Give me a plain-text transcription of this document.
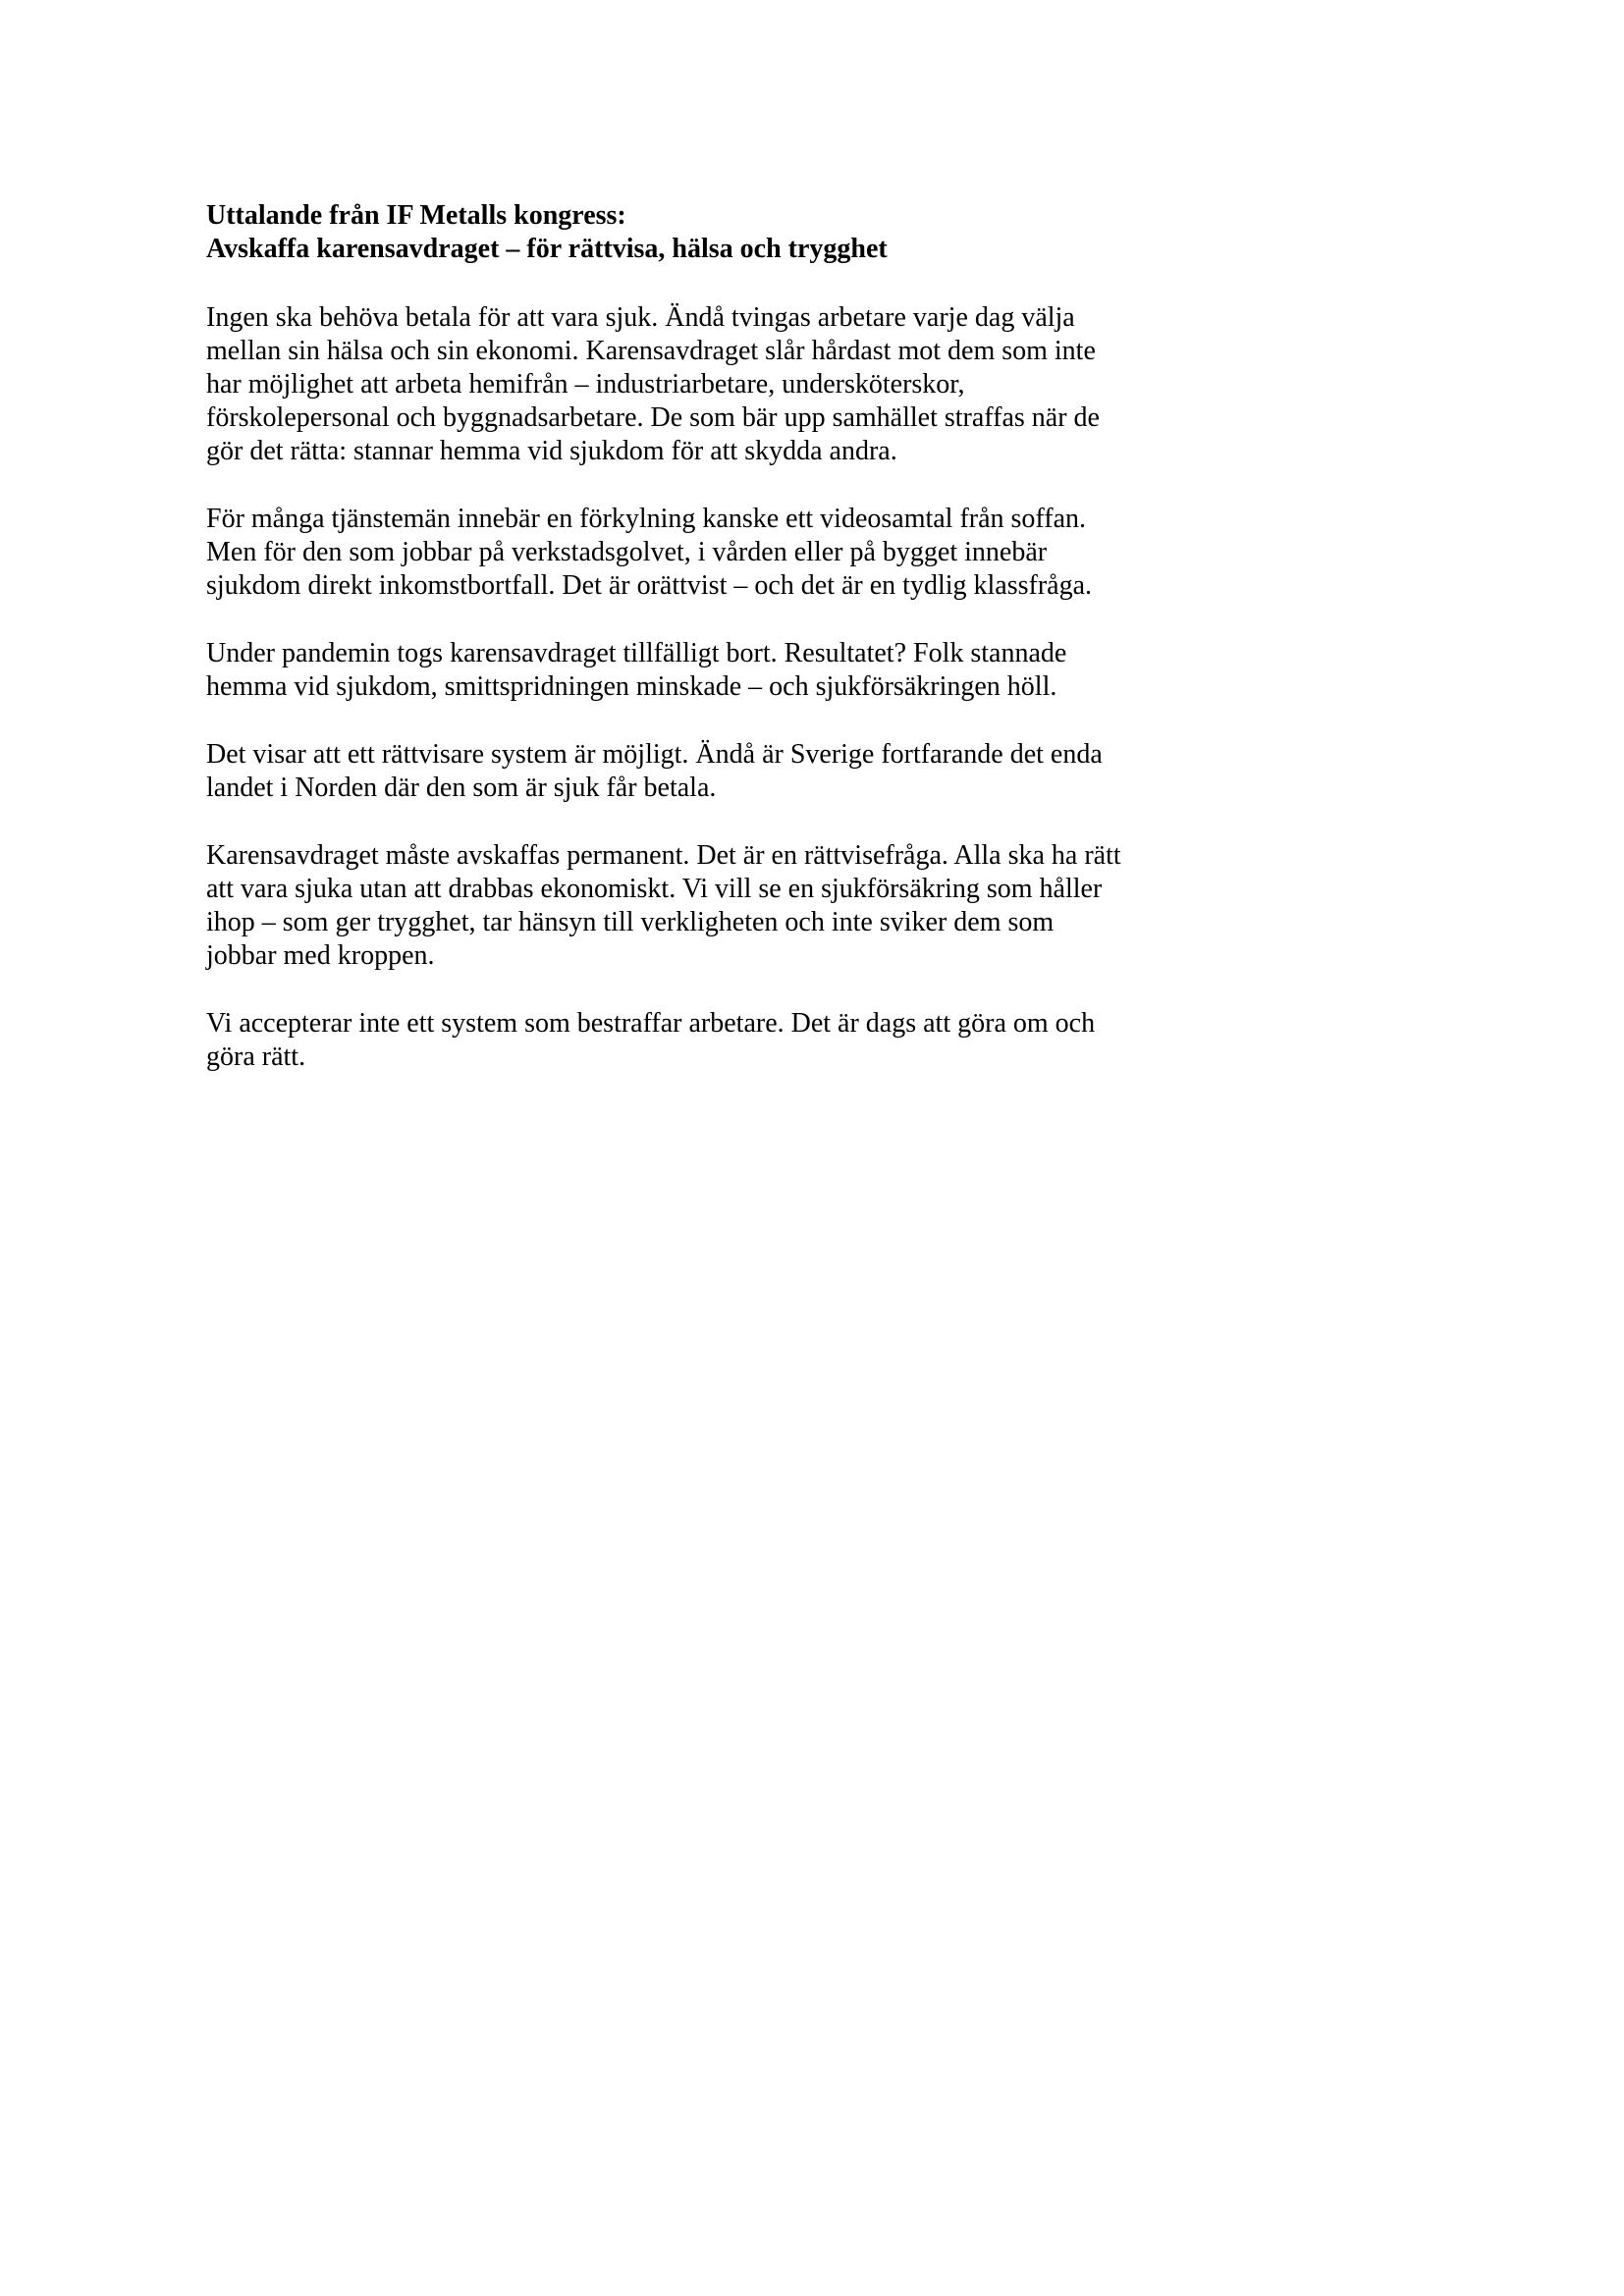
Uttalande från IF Metalls kongress:
Avskaffa karensavdraget – för rättvisa, hälsa och trygghet

Ingen ska behöva betala för att vara sjuk. Ändå tvingas arbetare varje dag välja
mellan sin hälsa och sin ekonomi. Karensavdraget slår hårdast mot dem som inte
har möjlighet att arbeta hemifrån – industriarbetare, undersköterskor,
förskolepersonal och byggnadsarbetare. De som bär upp samhället straffas när de
gör det rätta: stannar hemma vid sjukdom för att skydda andra.

För många tjänstemän innebär en förkylning kanske ett videosamtal från soffan.
Men för den som jobbar på verkstadsgolvet, i vården eller på bygget innebär
sjukdom direkt inkomstbortfall. Det är orättvist – och det är en tydlig klassfråga.

Under pandemin togs karensavdraget tillfälligt bort. Resultatet? Folk stannade
hemma vid sjukdom, smittspridningen minskade – och sjukförsäkringen höll.

Det visar att ett rättvisare system är möjligt. Ändå är Sverige fortfarande det enda
landet i Norden där den som är sjuk får betala.

Karensavdraget måste avskaffas permanent. Det är en rättvisefråga. Alla ska ha rätt
att vara sjuka utan att drabbas ekonomiskt. Vi vill se en sjukförsäkring som håller
ihop – som ger trygghet, tar hänsyn till verkligheten och inte sviker dem som
jobbar med kroppen.

Vi accepterar inte ett system som bestraffar arbetare. Det är dags att göra om och
göra rätt.
